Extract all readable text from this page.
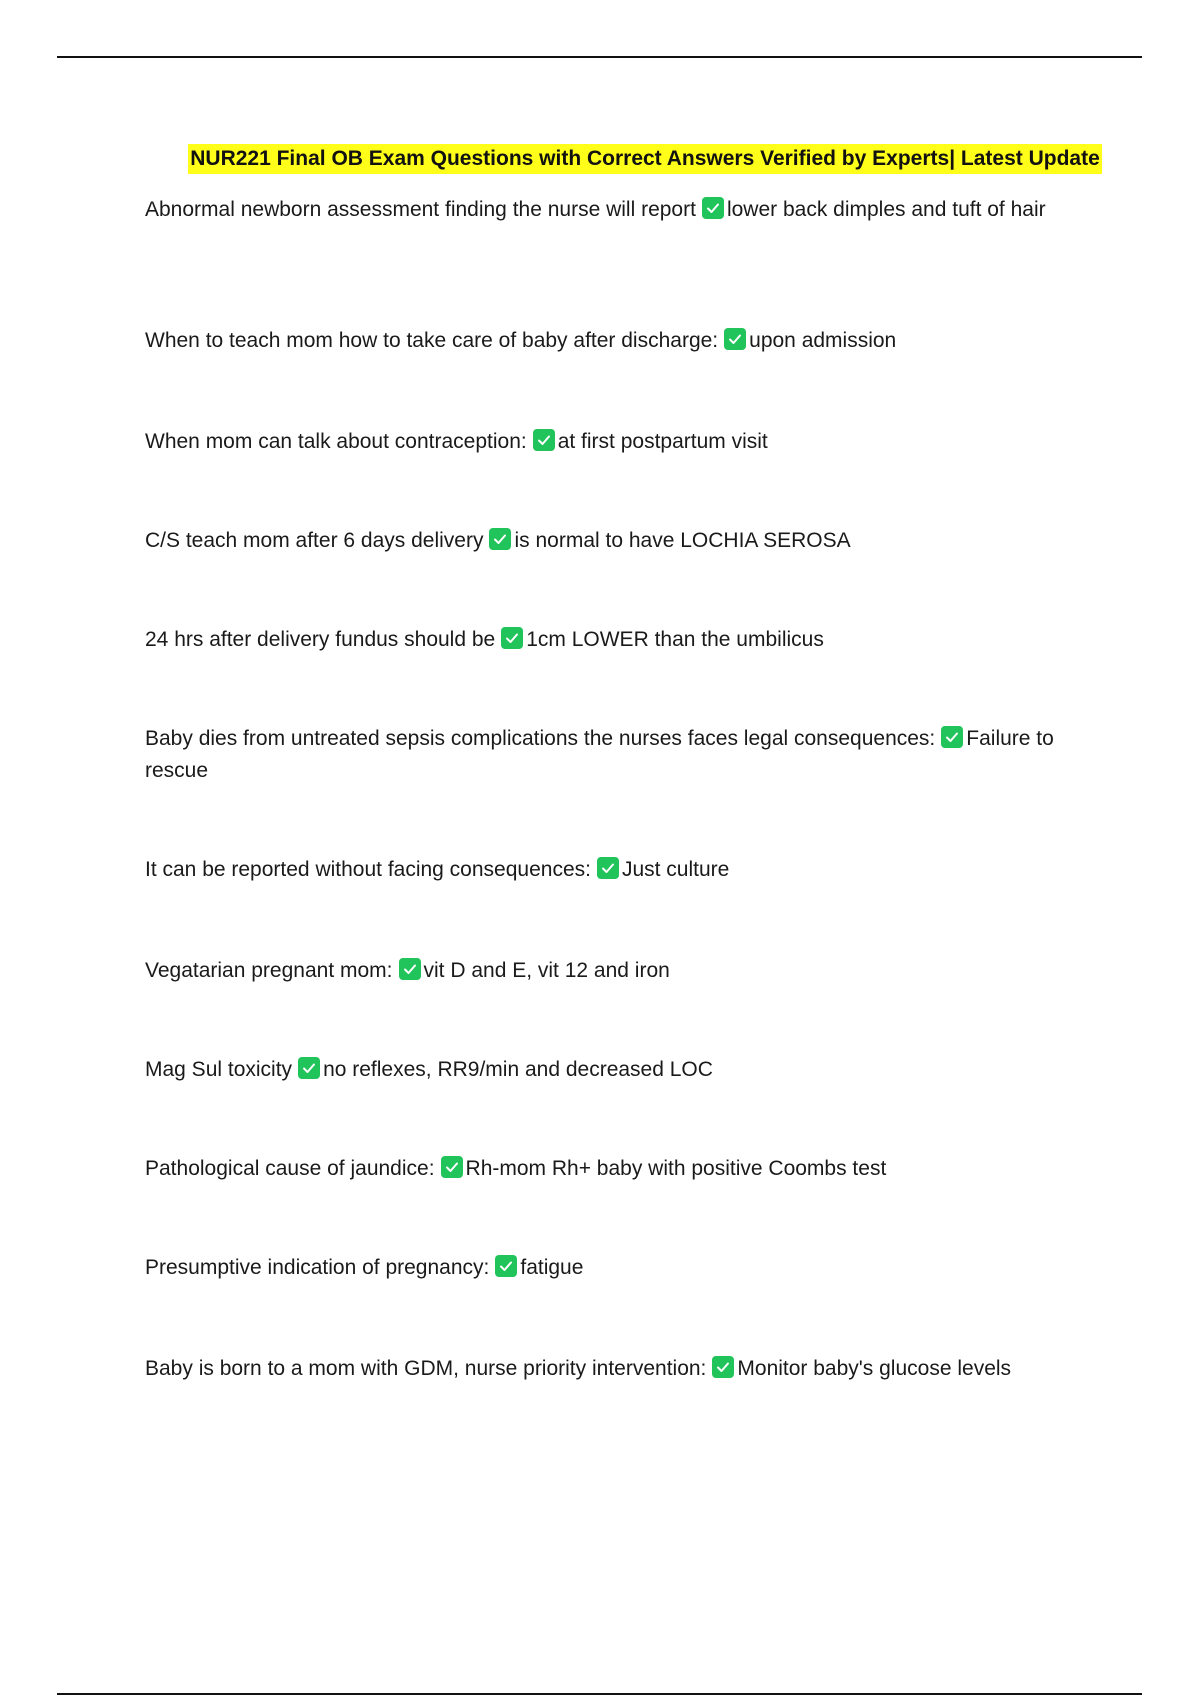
NUR221 Final OB Exam Questions with Correct Answers Verified by Experts| Latest Update
Abnormal newborn assessment finding the nurse will report lower back dimples and tuft of hair
When to teach mom how to take care of baby after discharge: upon admission
When mom can talk about contraception: at first postpartum visit
C/S teach mom after 6 days delivery is normal to have LOCHIA SEROSA
24 hrs after delivery fundus should be 1cm LOWER than the umbilicus
Baby dies from untreated sepsis complications the nurses faces legal consequences: Failure to rescue
It can be reported without facing consequences: Just culture
Vegatarian pregnant mom: vit D and E, vit 12 and iron
Mag Sul toxicity no reflexes, RR9/min and decreased LOC
Pathological cause of jaundice: Rh-mom Rh+ baby with positive Coombs test
Presumptive indication of pregnancy: fatigue
Baby is born to a mom with GDM, nurse priority intervention: Monitor baby's glucose levels
